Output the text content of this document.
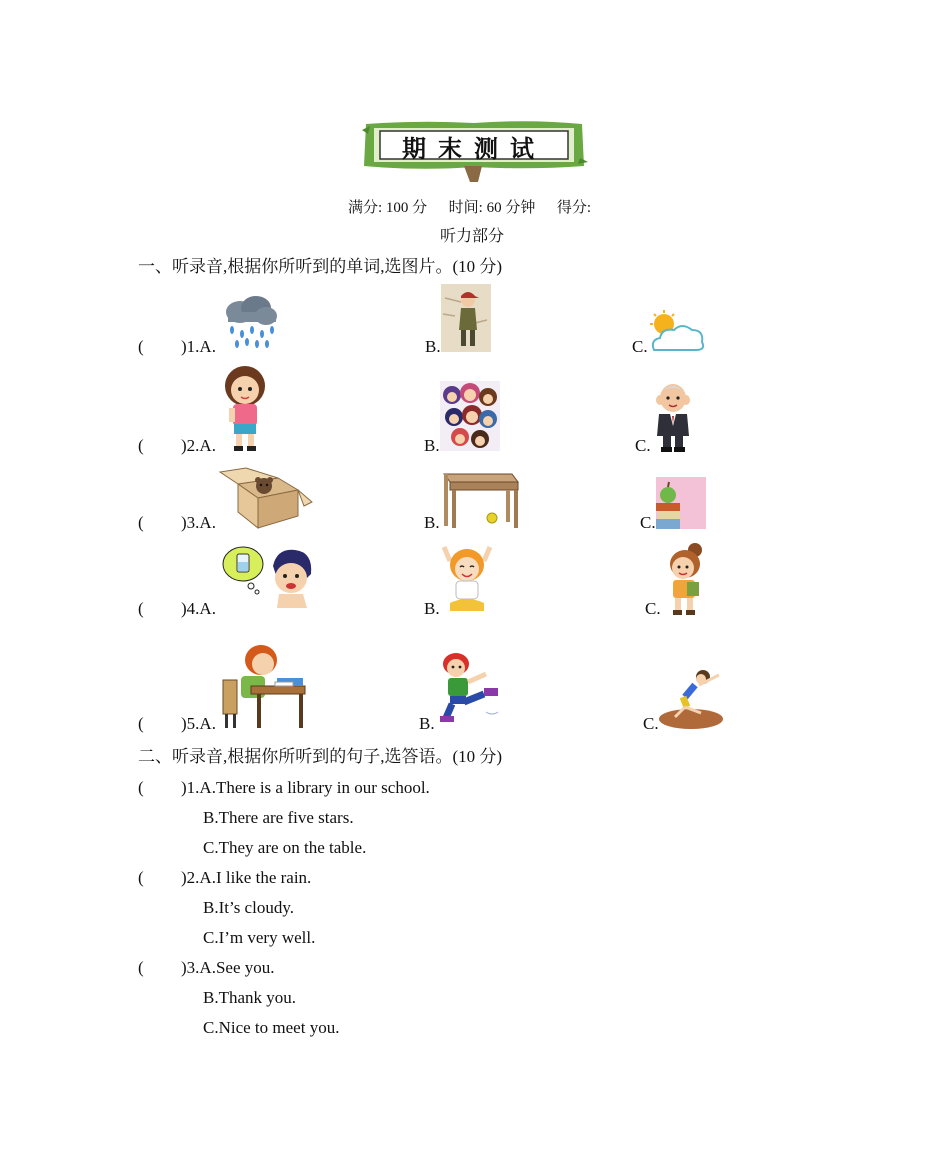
期末测试
满分: 100 分 时间: 60 分钟 得分:
听力部分
一、听录音,根据你所听到的单词,选图片。(10 分)
( )1.A.	B.	C.
( )2.A.	B.	C.
( )3.A.	B.	C.
( )4.A.	B.	C.
( )5.A.	B.	C.
二、听录音,根据你所听到的句子,选答语。(10 分)
( )1.A.There is a library in our school.
B.There are five stars.
C.They are on the table.
( )2.A.I like the rain.
B.It’s cloudy.
C.I’m very well.
( )3.A.See you.
B.Thank you.
C.Nice to meet you.
